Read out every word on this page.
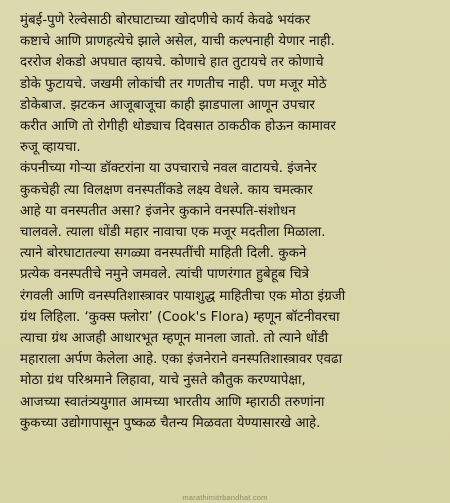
मुंबई-पुणे रेल्वेसाठी बोरघाटाच्या खोदणीचे कार्य केवढे भयंकर

कष्टाचे आणि प्राणहत्येचे झाले असेल, याची कल्पनाही येणार नाही.

दररोज शेकडो अपघात व्हायचे. कोणाचे हात तुटायचे तर कोणाचे

डोके फुटायचे. जखमी लोकांची तर गणतीच नाही. पण मजूर मोठे

डोकेबाज. झटकन आजूबाजूचा काही झाडपाला आणून उपचार

करीत आणि तो रोगीही थोड्याच दिवसात ठाकठीक होऊन कामावर

रुजू व्हायचा.

कंपनीच्या गोऱ्या डॉक्टरांना या उपचाराचे नवल वाटायचे. इंजनेर

कुकचेही त्या विलक्षण वनस्पतींकडे लक्ष्य वेधले. काय चमत्कार

आहे या वनस्पतीत असा? इंजनेर कुकाने वनस्पति-संशोधन

चालवले. त्याला धोंडी महार नावाचा एक मजूर मदतीला मिळाला.

त्याने बोरघाटातल्या सगळ्या वनस्पतींची माहिती दिली. कुकने

प्रत्येक वनस्पतीचे नमुने जमवले. त्यांची पाणरंगात हुबेहूब चित्रे

रंगवली आणि वनस्पतिशास्त्रावर पायाशुद्ध माहितीचा एक मोठा इंग्रजी

ग्रंथ लिहिला. ‘कुक्स फ्लोरा’ (Cook's Flora) म्हणून बॉटनीवरचा

त्याचा ग्रंथ आजही आधारभूत म्हणून मानला जातो. तो त्याने धोंडी

महाराला अर्पण केलेला आहे. एका इंजनेराने वनस्पतिशास्त्रावर एवढा

मोठा ग्रंथ परिश्रमाने लिहावा, याचे नुसते कौतुक करण्यापेक्षा,

आजच्या स्वातंत्र्ययुगात आमच्या भारतीय आणि म्हाराठी तरुणांना

कुकच्या उद्योगापासून पुष्कळ चैतन्य मिळवता येण्यासारखे आहे.

marathimitrbandhat.com
